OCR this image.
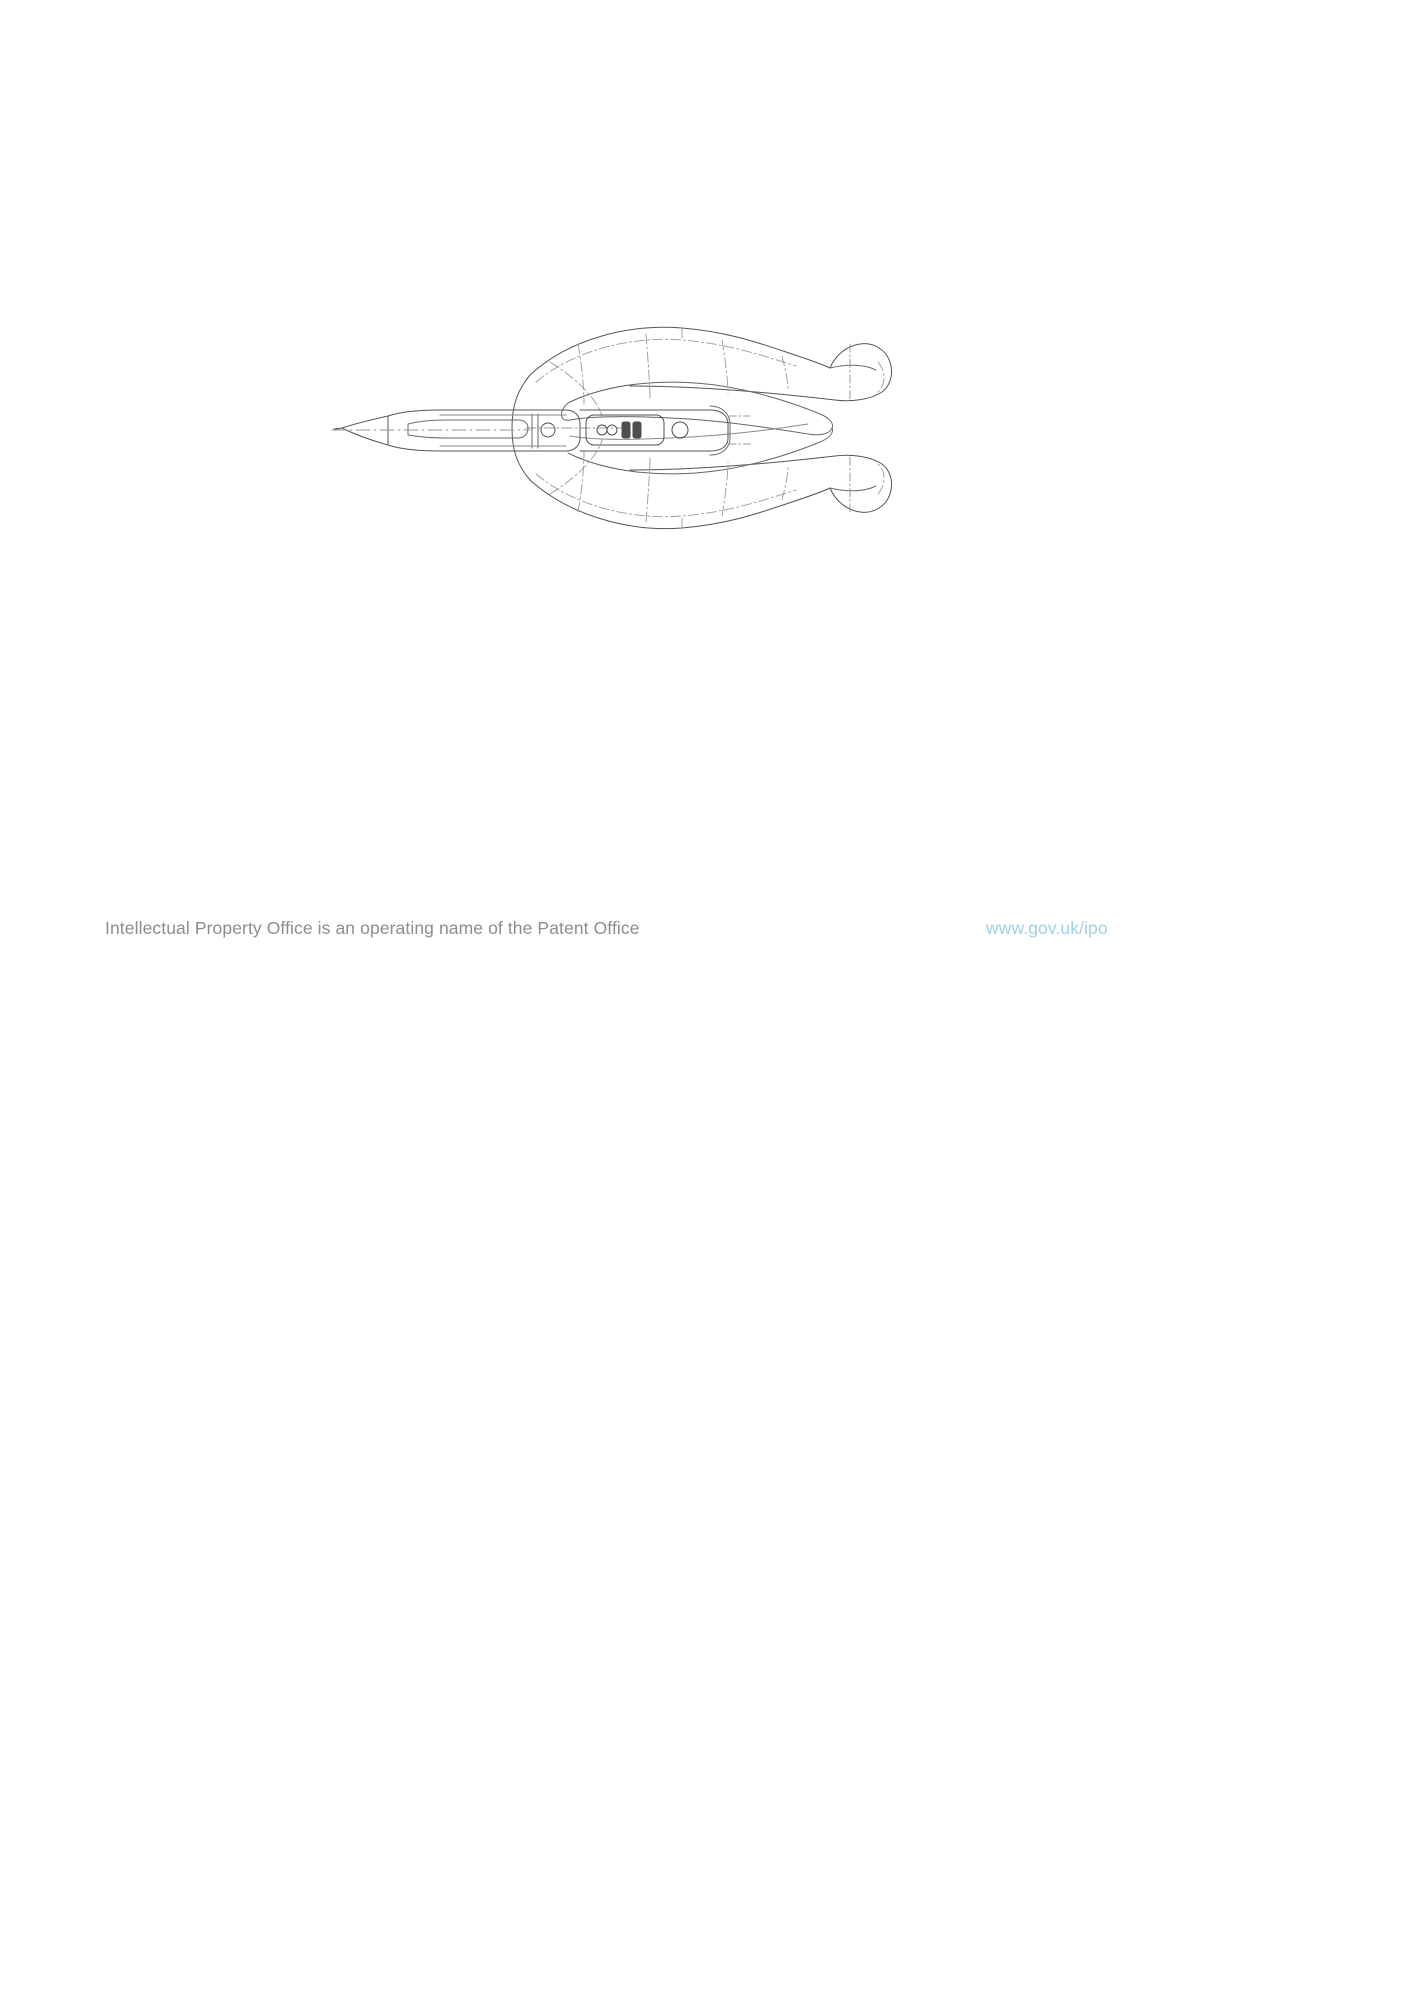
Intellectual Property Office is an operating name of the Patent Office	www.gov.uk/ipo
